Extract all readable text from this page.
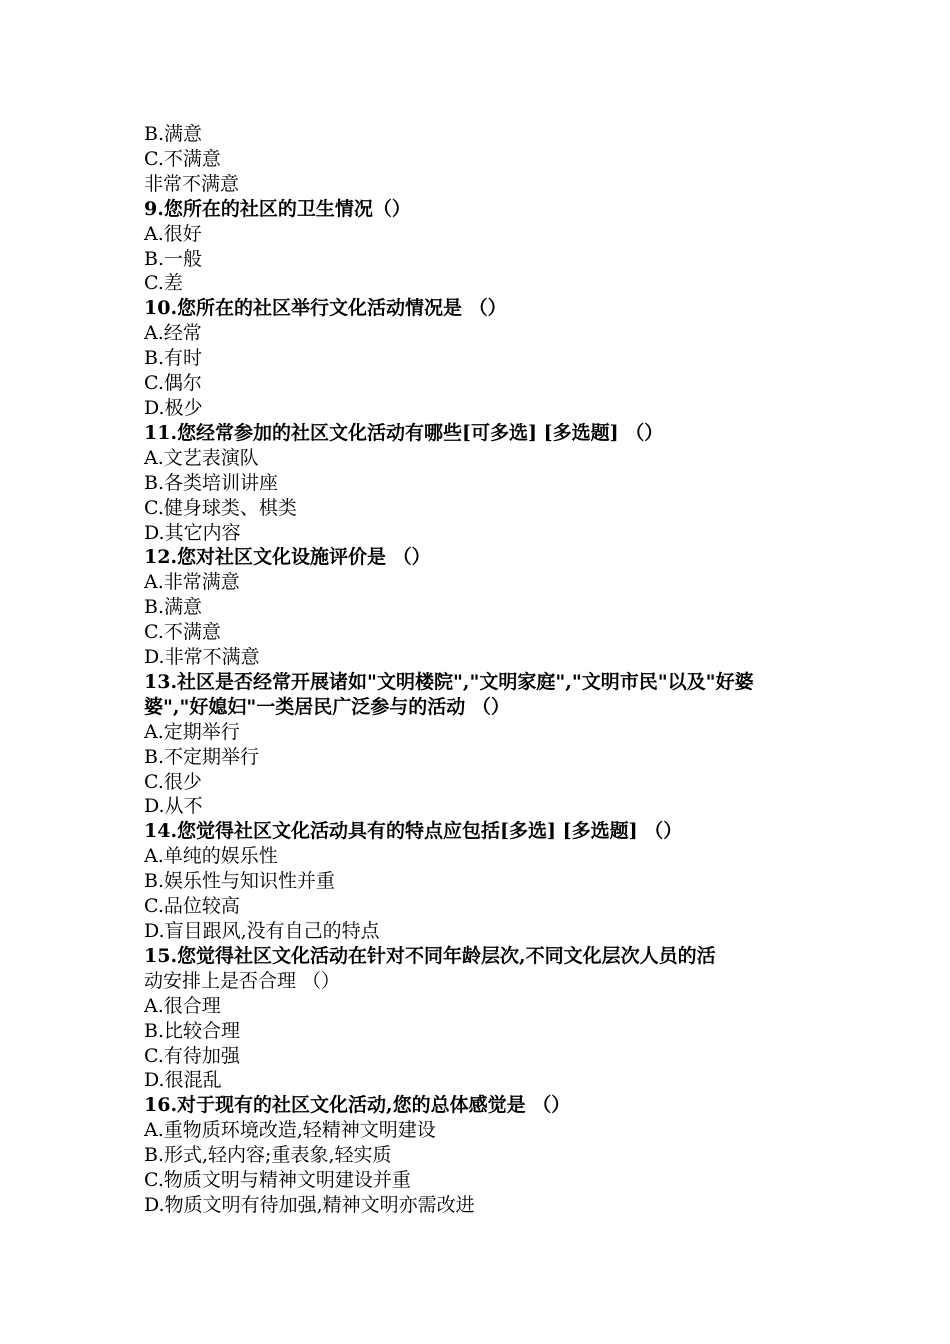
B.满意
C.不满意
非常不满意
9.您所在的社区的卫生情况（）
A.很好
B.一般
C.差
10.您所在的社区举行文化活动情况是 （）
A.经常
B.有时
C.偶尔
D.极少
11.您经常参加的社区文化活动有哪些[可多选] [多选题] （）
A.文艺表演队
B.各类培训讲座
C.健身球类、棋类
D.其它内容
12.您对社区文化设施评价是 （）
A.非常满意
B.满意
C.不满意
D.非常不满意
13.社区是否经常开展诸如"文明楼院","文明家庭","文明市民"以及"好婆婆","好媳妇"一类居民广泛参与的活动 （）
A.定期举行
B.不定期举行
C.很少
D.从不
14.您觉得社区文化活动具有的特点应包括[多选] [多选题] （）
A.单纯的娱乐性
B.娱乐性与知识性并重
C.品位较高
D.盲目跟风,没有自己的特点
15.您觉得社区文化活动在针对不同年龄层次,不同文化层次人员的活
动安排上是否合理 （）
A.很合理
B.比较合理
C.有待加强
D.很混乱
16.对于现有的社区文化活动,您的总体感觉是 （）
A.重物质环境改造,轻精神文明建设
B.形式,轻内容;重表象,轻实质
C.物质文明与精神文明建设并重
D.物质文明有待加强,精神文明亦需改进
